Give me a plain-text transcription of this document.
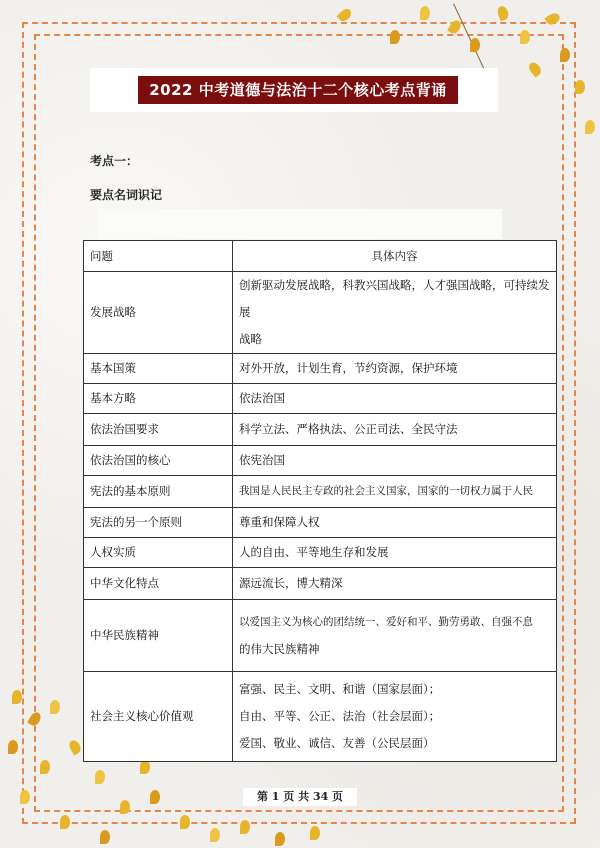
2022 中考道德与法治十二个核心考点背诵
考点一：
要点名词识记
问题	具体内容
发展战略	创新驱动发展战略，科教兴国战略，人才强国战略，可持续发展
战略

基本国策	对外开放，计划生育，节约资源，保护环境
基本方略	依法治国
依法治国要求	科学立法、严格执法、公正司法、全民守法
依法治国的核心	依宪治国
宪法的基本原则	我国是人民民主专政的社会主义国家，国家的一切权力属于人民
宪法的另一个原则	尊重和保障人权
人权实质	人的自由、平等地生存和发展
中华文化特点	源远流长，博大精深
中华民族精神	以爱国主义为核心的团结统一、爱好和平、勤劳勇敢、自强不息
的伟大民族精神

社会主义核心价值观	富强、民主、文明、和谐（国家层面）；
自由、平等、公正、法治（社会层面）；
爱国、敬业、诚信、友善（公民层面）
第 1 页 共 34 页
